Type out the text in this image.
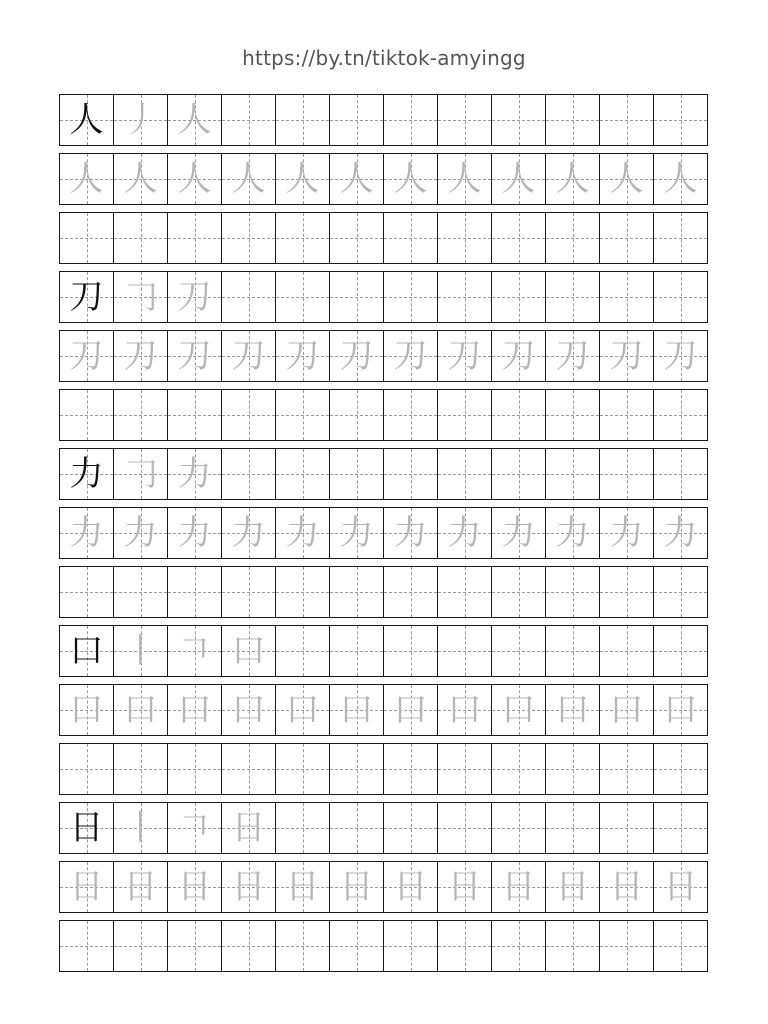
https://by.tn/tiktok-amyingg
人 丿 人
人 人 人 人 人 人 人 人 人 人 人 人
刀 𠃌 刀
刀 刀 刀 刀 刀 刀 刀 刀 刀 刀 刀 刀
力 𠃌 力
力 力 力 力 力 力 力 力 力 力 力 力
口 丨 𠃍 口
口 口 口 口 口 口 口 口 口 口 口 口
日 丨 𠃍 日
日 日 日 日 日 日 日 日 日 日 日 日
